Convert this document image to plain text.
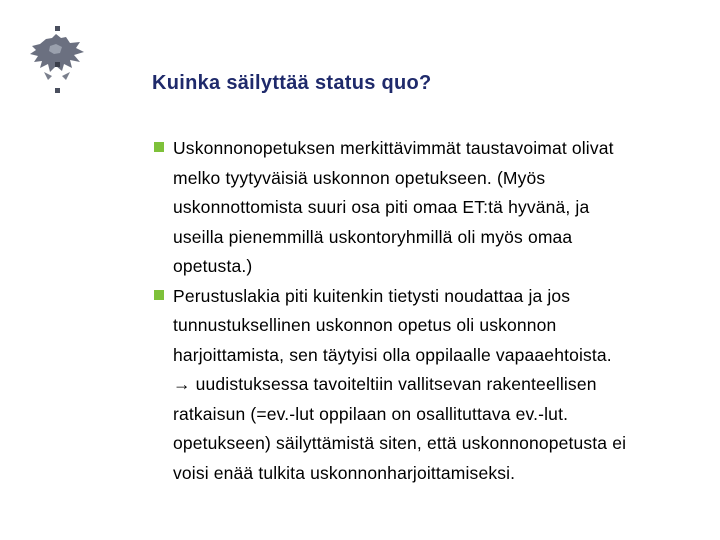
Kuinka säilyttää status quo?
Uskonnonopetuksen merkittävimmät taustavoimat olivat
melko tyytyväisiä uskonnon opetukseen. (Myös
uskonnottomista suuri osa piti omaa ET:tä hyvänä, ja
useilla pienemmillä uskontoryhmillä oli myös omaa
opetusta.)
Perustuslakia piti kuitenkin tietysti noudattaa ja jos
tunnustuksellinen uskonnon opetus oli uskonnon
harjoittamista, sen täytyisi olla oppilaalle vapaaehtoista.
→ uudistuksessa tavoiteltiin vallitsevan rakenteellisen
ratkaisun (=ev.-lut oppilaan on osallituttava ev.-lut.
opetukseen) säilyttämistä siten, että uskonnonopetusta ei
voisi enää tulkita uskonnonharjoittamiseksi.
